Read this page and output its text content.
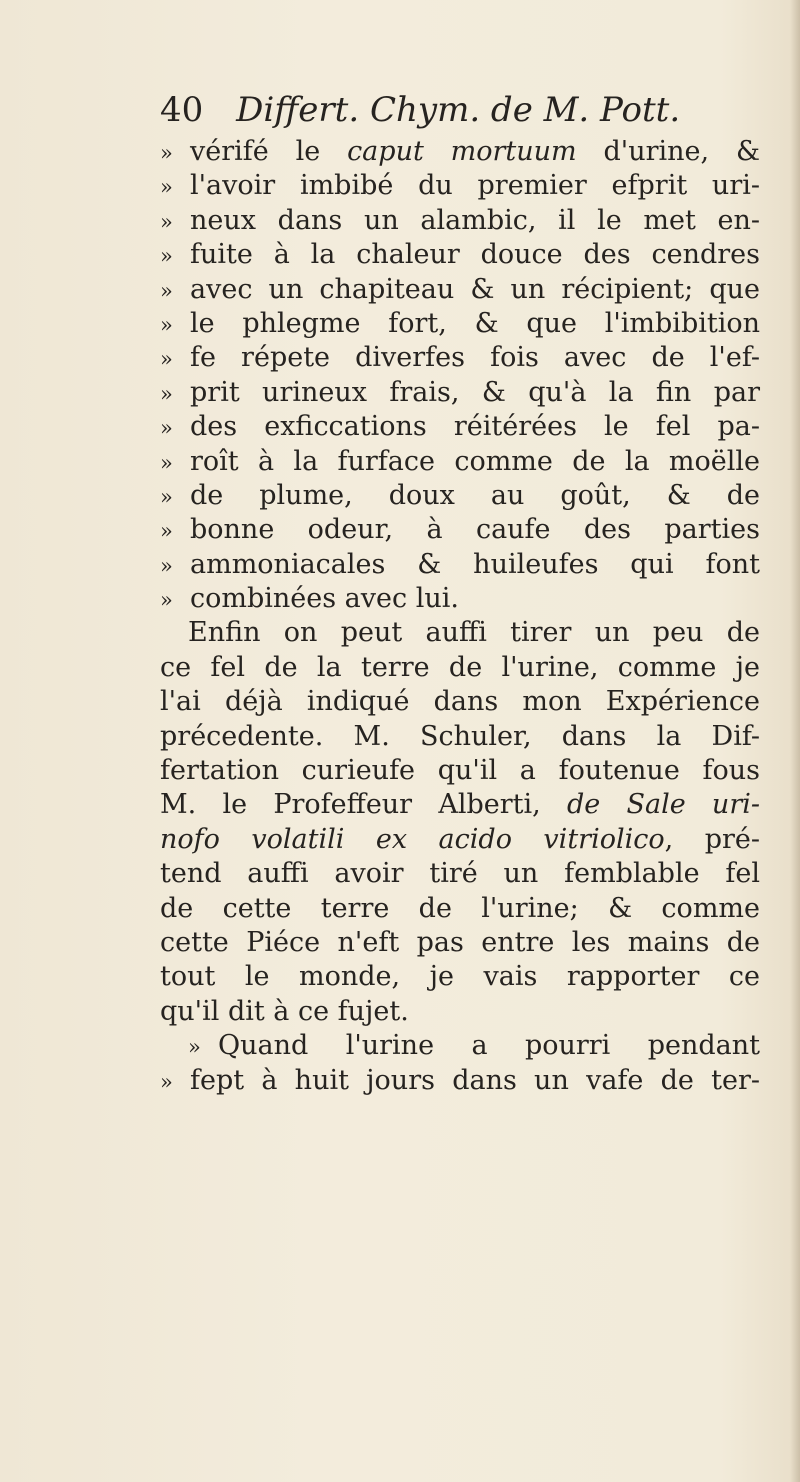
40 Differt. Chym. de M. Pott.
» vérifé le caput mortuum d'urine, &
» l'avoir imbibé du premier efprit uri-
» neux dans un alambic, il le met en-
» fuite à la chaleur douce des cendres
» avec un chapiteau & un récipient; que
» le phlegme fort, & que l'imbibition
» fe répete diverfes fois avec de l'ef-
» prit urineux frais, & qu'à la fin par
» des exficcations réitérées le fel pa-
» roît à la furface comme de la moëlle
» de plume, doux au goût, & de
» bonne odeur, à caufe des parties
» ammoniacales & huileufes qui font
» combinées avec lui.
Enfin on peut auffi tirer un peu de
ce fel de la terre de l'urine, comme je
l'ai déjà indiqué dans mon Expérience
précedente. M. Schuler, dans la Dif-
fertation curieufe qu'il a foutenue fous
M. le Profeffeur Alberti, de Sale uri-
nofo volatili ex acido vitriolico, pré-
tend auffi avoir tiré un femblable fel
de cette terre de l'urine; & comme
cette Piéce n'eft pas entre les mains de
tout le monde, je vais rapporter ce
qu'il dit à ce fujet.
» Quand l'urine a pourri pendant
» fept à huit jours dans un vafe de ter-
